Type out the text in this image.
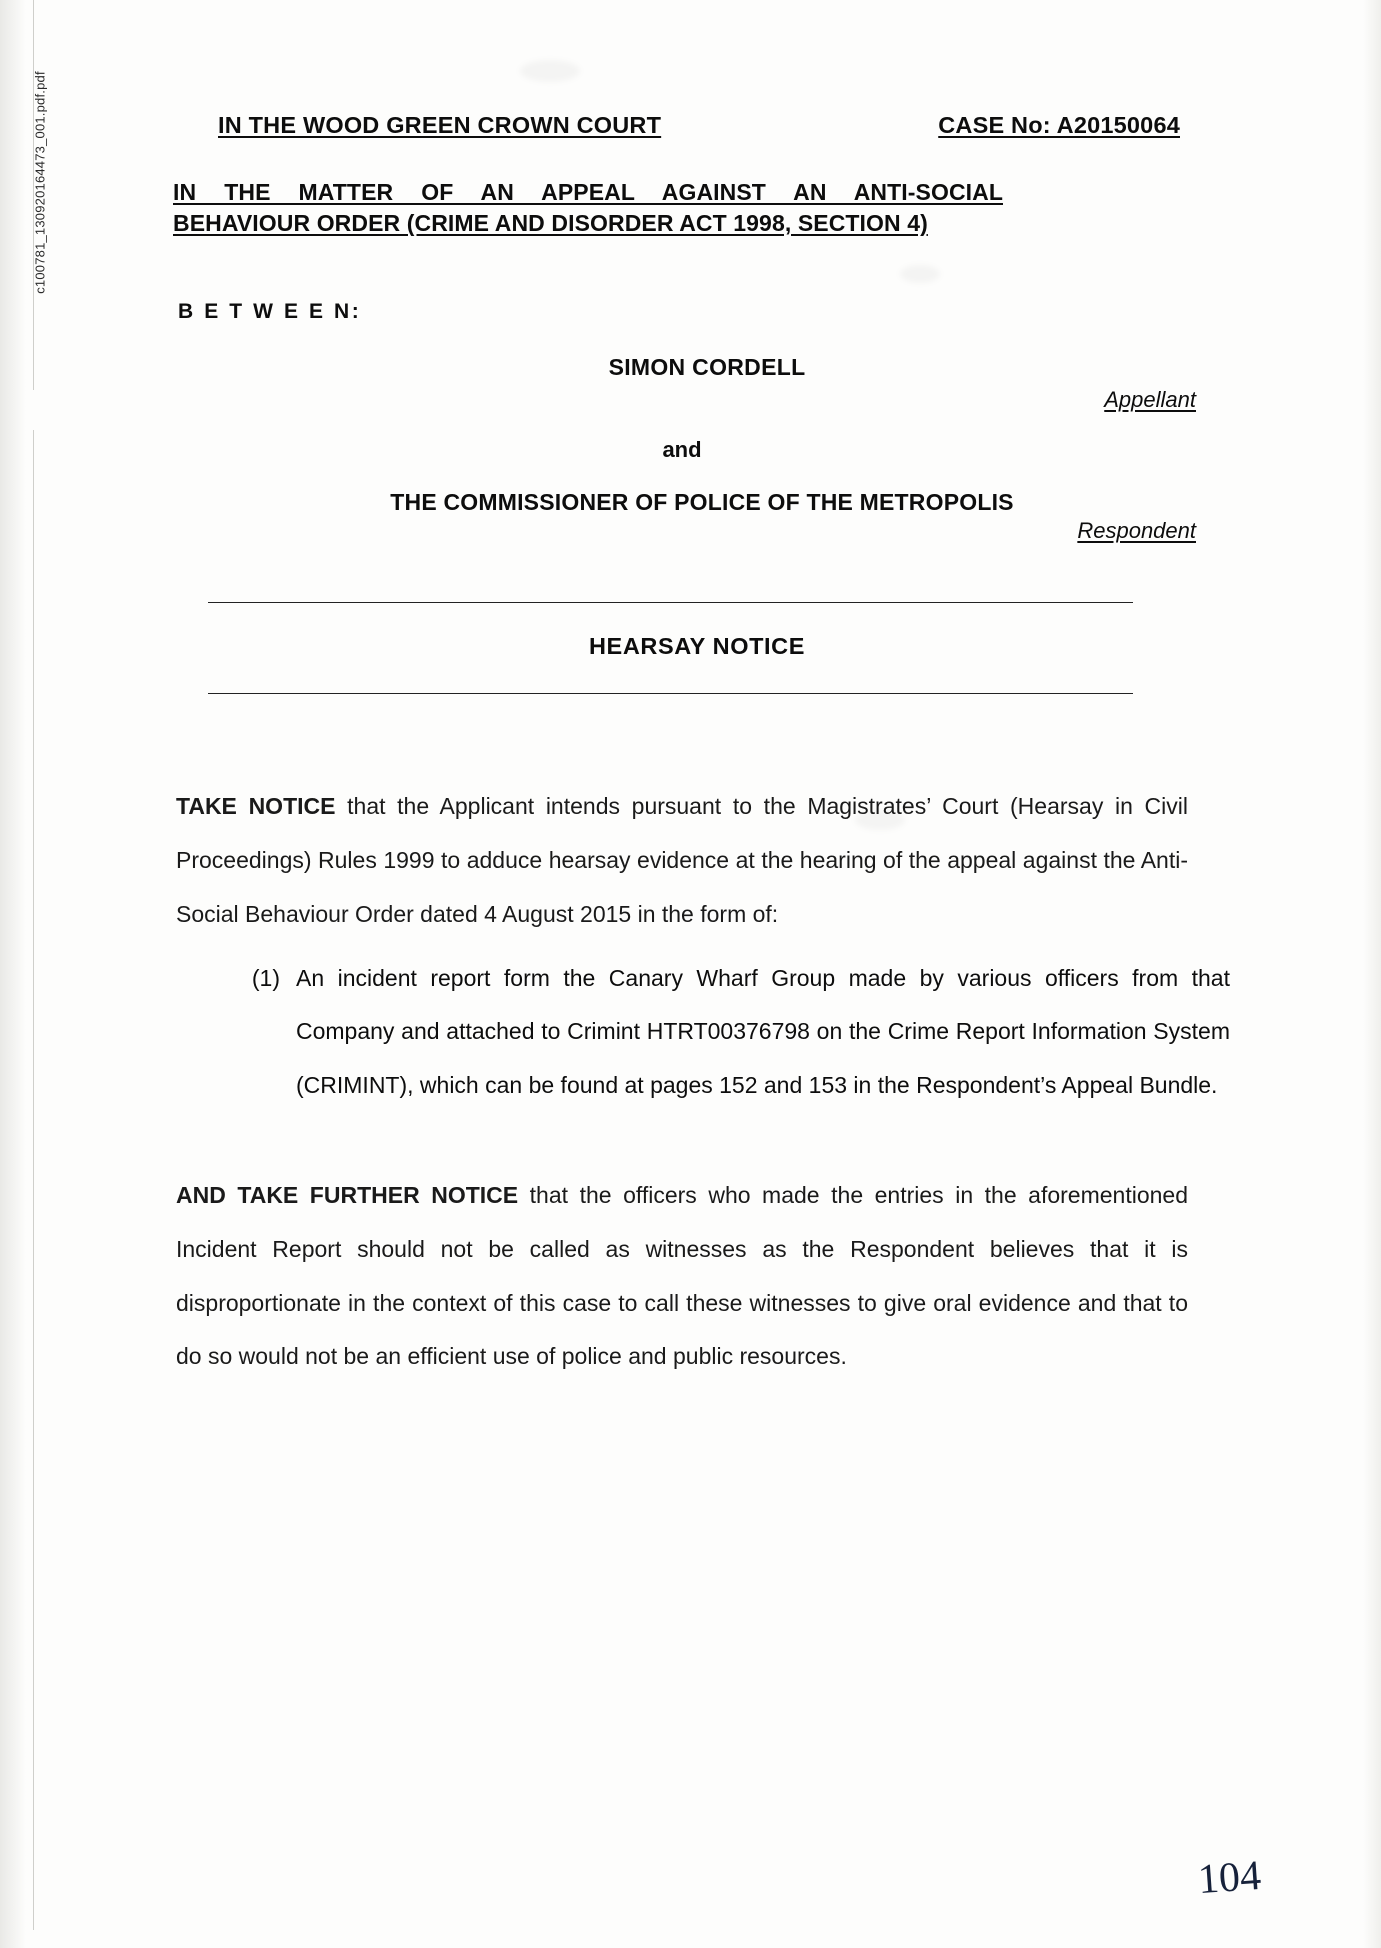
c100781_130920164473_001.pdf.pdf	IN THE WOOD GREEN CROWN COURT	CASE No: A20150064
IN THE MATTER OF AN APPEAL AGAINST AN ANTI-SOCIAL
BEHAVIOUR ORDER (CRIME AND DISORDER ACT 1998, SECTION 4)
B E T W E E N:
SIMON CORDELL
Appellant
and
THE COMMISSIONER OF POLICE OF THE METROPOLIS
Respondent
HEARSAY NOTICE
TAKE NOTICE that the Applicant intends pursuant to the Magistrates’ Court (Hearsay in Civil Proceedings) Rules 1999 to adduce hearsay evidence at the hearing of the appeal against the Anti-Social Behaviour Order dated 4 August 2015 in the form of:
(1) An incident report form the Canary Wharf Group made by various officers from that Company and attached to Crimint HTRT00376798 on the Crime Report Information System (CRIMINT), which can be found at pages 152 and 153 in the Respondent’s Appeal Bundle.
AND TAKE FURTHER NOTICE that the officers who made the entries in the aforementioned Incident Report should not be called as witnesses as the Respondent believes that it is disproportionate in the context of this case to call these witnesses to give oral evidence and that to do so would not be an efficient use of police and public resources.
104
